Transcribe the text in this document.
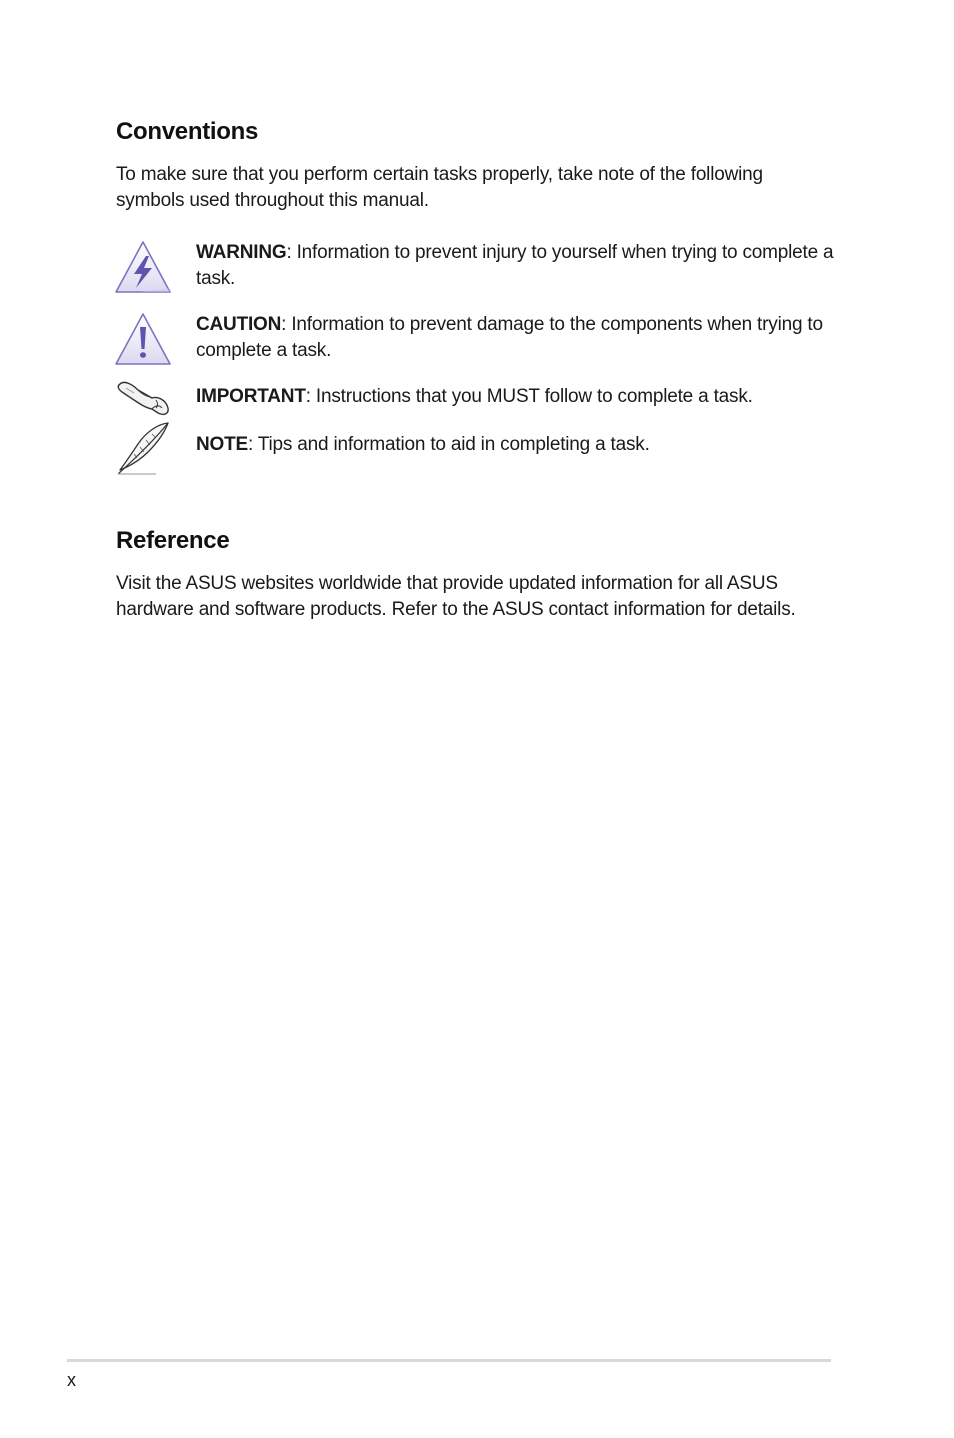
Conventions

To make sure that you perform certain tasks properly, take note of the following symbols used throughout this manual.

WARNING: Information to prevent injury to yourself when trying to complete a task.
CAUTION: Information to prevent damage to the components when trying to complete a task.
IMPORTANT: Instructions that you MUST follow to complete a task.
NOTE: Tips and information to aid in completing a task.
Reference

Visit the ASUS websites worldwide that provide updated information for all ASUS hardware and software products. Refer to the ASUS contact information for details.

x
